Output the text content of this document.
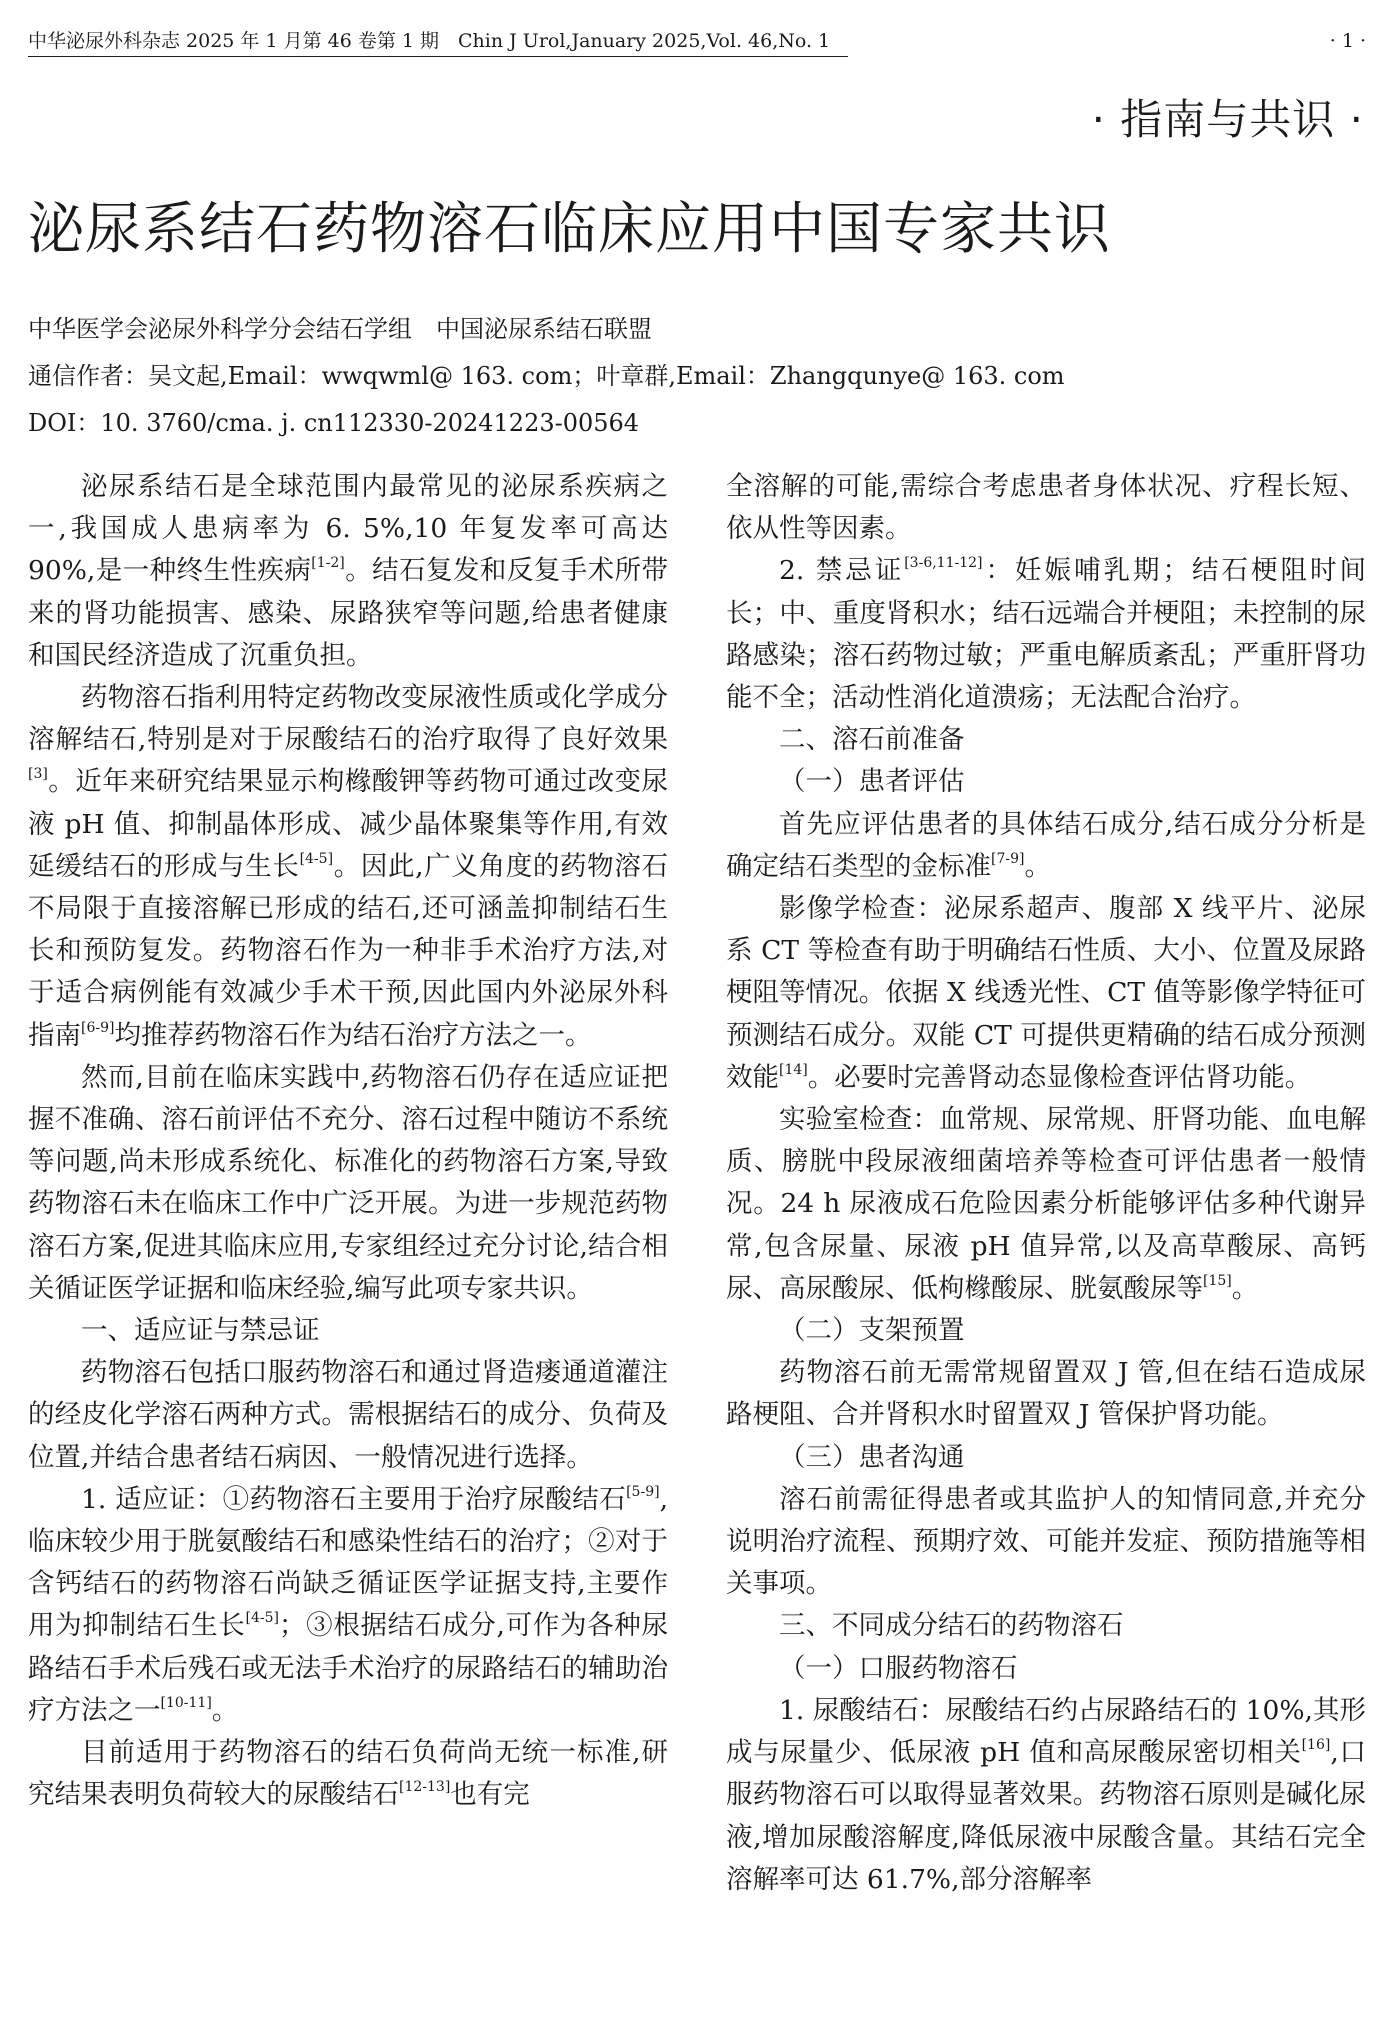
中华泌尿外科杂志 2025 年 1 月第 46 卷第 1 期　Chin J Urol,January 2025,Vol. 46,No. 1	· 1 ·
· 指南与共识 ·
泌尿系结石药物溶石临床应用中国专家共识
中华医学会泌尿外科学分会结石学组　中国泌尿系结石联盟
通信作者：吴文起,Email：wwqwml@ 163. com；叶章群,Email：Zhangqunye@ 163. com
DOI：10. 3760/cma. j. cn112330-20241223-00564

泌尿系结石是全球范围内最常见的泌尿系疾病之一,我国成人患病率为 6. 5%,10 年复发率可高达 90%,是一种终生性疾病[1-2]。结石复发和反复手术所带来的肾功能损害、感染、尿路狭窄等问题,给患者健康和国民经济造成了沉重负担。

药物溶石指利用特定药物改变尿液性质或化学成分溶解结石,特别是对于尿酸结石的治疗取得了良好效果[3]。近年来研究结果显示枸橼酸钾等药物可通过改变尿液 pH 值、抑制晶体形成、减少晶体聚集等作用,有效延缓结石的形成与生长[4-5]。因此,广义角度的药物溶石不局限于直接溶解已形成的结石,还可涵盖抑制结石生长和预防复发。药物溶石作为一种非手术治疗方法,对于适合病例能有效减少手术干预,因此国内外泌尿外科指南[6-9]均推荐药物溶石作为结石治疗方法之一。

然而,目前在临床实践中,药物溶石仍存在适应证把握不准确、溶石前评估不充分、溶石过程中随访不系统等问题,尚未形成系统化、标准化的药物溶石方案,导致药物溶石未在临床工作中广泛开展。为进一步规范药物溶石方案,促进其临床应用,专家组经过充分讨论,结合相关循证医学证据和临床经验,编写此项专家共识。

一、适应证与禁忌证

药物溶石包括口服药物溶石和通过肾造瘘通道灌注的经皮化学溶石两种方式。需根据结石的成分、负荷及位置,并结合患者结石病因、一般情况进行选择。

1. 适应证：①药物溶石主要用于治疗尿酸结石[5-9],临床较少用于胱氨酸结石和感染性结石的治疗；②对于含钙结石的药物溶石尚缺乏循证医学证据支持,主要作用为抑制结石生长[4-5]；③根据结石成分,可作为各种尿路结石手术后残石或无法手术治疗的尿路结石的辅助治疗方法之一[10-11]。

目前适用于药物溶石的结石负荷尚无统一标准,研究结果表明负荷较大的尿酸结石[12-13]也有完

全溶解的可能,需综合考虑患者身体状况、疗程长短、依从性等因素。

2. 禁忌证[3-6,11-12]：妊娠哺乳期；结石梗阻时间长；中、重度肾积水；结石远端合并梗阻；未控制的尿路感染；溶石药物过敏；严重电解质紊乱；严重肝肾功能不全；活动性消化道溃疡；无法配合治疗。

二、溶石前准备

（一）患者评估

首先应评估患者的具体结石成分,结石成分分析是确定结石类型的金标准[7-9]。

影像学检查：泌尿系超声、腹部 X 线平片、泌尿系 CT 等检查有助于明确结石性质、大小、位置及尿路梗阻等情况。依据 X 线透光性、CT 值等影像学特征可预测结石成分。双能 CT 可提供更精确的结石成分预测效能[14]。必要时完善肾动态显像检查评估肾功能。

实验室检查：血常规、尿常规、肝肾功能、血电解质、膀胱中段尿液细菌培养等检查可评估患者一般情况。24 h 尿液成石危险因素分析能够评估多种代谢异常,包含尿量、尿液 pH 值异常,以及高草酸尿、高钙尿、高尿酸尿、低枸橼酸尿、胱氨酸尿等[15]。

（二）支架预置

药物溶石前无需常规留置双 J 管,但在结石造成尿路梗阻、合并肾积水时留置双 J 管保护肾功能。

（三）患者沟通

溶石前需征得患者或其监护人的知情同意,并充分说明治疗流程、预期疗效、可能并发症、预防措施等相关事项。

三、不同成分结石的药物溶石

（一）口服药物溶石

1. 尿酸结石：尿酸结石约占尿路结石的 10%,其形成与尿量少、低尿液 pH 值和高尿酸尿密切相关[16],口服药物溶石可以取得显著效果。药物溶石原则是碱化尿液,增加尿酸溶解度,降低尿液中尿酸含量。其结石完全溶解率可达 61.7%,部分溶解率
